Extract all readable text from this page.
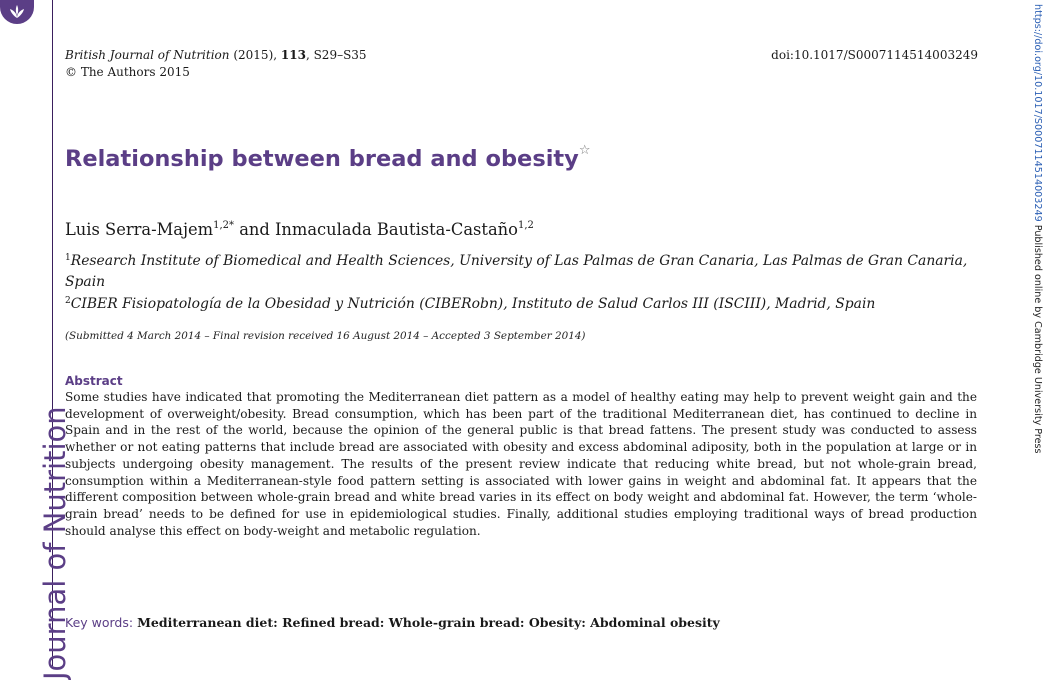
Journal of Nutrition
https://doi.org/10.1017/S0007114514003249 Published online by Cambridge University Press
British Journal of Nutrition (2015), 113, S29–S35
© The Authors 2015
doi:10.1017/S0007114514003249
Relationship between bread and obesity☆
Luis Serra-Majem$^{1,2*}$ and Inmaculada Bautista-Castaño$^{1,2}$
$^1$Research Institute of Biomedical and Health Sciences, University of Las Palmas de Gran Canaria, Las Palmas de Gran Canaria, Spain
$^2$CIBER Fisiopatología de la Obesidad y Nutrición (CIBERobn), Instituto de Salud Carlos III (ISCIII), Madrid, Spain
(Submitted 4 March 2014 – Final revision received 16 August 2014 – Accepted 3 September 2014)
Abstract

Some studies have indicated that promoting the Mediterranean diet pattern as a model of healthy eating may help to prevent weight gain and the development of overweight/obesity. Bread consumption, which has been part of the traditional Mediterranean diet, has continued to decline in Spain and in the rest of the world, because the opinion of the general public is that bread fattens. The present study was conducted to assess whether or not eating patterns that include bread are associated with obesity and excess abdominal adiposity, both in the population at large or in subjects undergoing obesity management. The results of the present review indicate that reducing white bread, but not whole-grain bread, consumption within a Mediterranean-style food pattern setting is associated with lower gains in weight and abdominal fat. It appears that the different composition between whole-grain bread and white bread varies in its effect on body weight and abdominal fat. However, the term ‘whole-grain bread’ needs to be defined for use in epidemiological studies. Finally, additional studies employing traditional ways of bread production should analyse this effect on body-weight and metabolic regulation.

Key words: Mediterranean diet: Refined bread: Whole-grain bread: Obesity: Abdominal obesity
